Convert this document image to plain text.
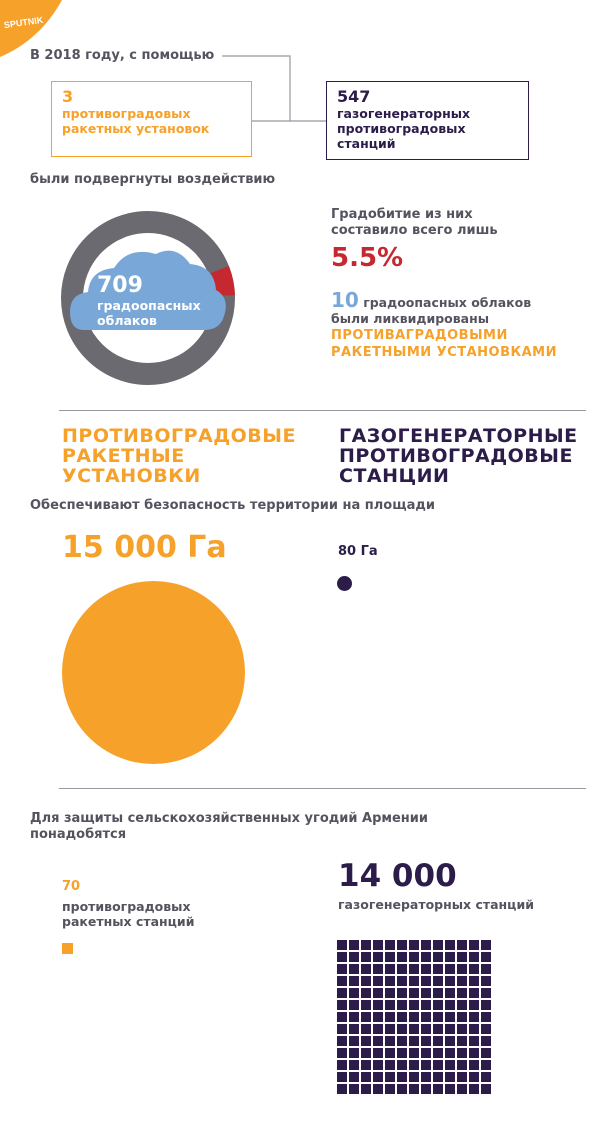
SPUTNIK
В 2018 году, с помощью
3
противоградовых ракетных установок
547
газогенераторных противоградовых станций
были подвергнуты воздействию
709
градоопасных облаков
Градобитие из них составило всего лишь
5.5%
10 градоопасных облаков были ликвидированы
ПРОТИВАГРАДОВЫМИ РАКЕТНЫМИ УСТАНОВКАМИ
ПРОТИВОГРАДОВЫЕ РАКЕТНЫЕ УСТАНОВКИ
ГАЗОГЕНЕРАТОРНЫЕ ПРОТИВОГРАДОВЫЕ СТАНЦИИ
Обеспечивают безопасность территории на площади
15 000 Га	80 Га
Для защиты сельскохозяйственных угодий Армении понадобятся
70
противоградовых ракетных станций
14 000
газогенераторных станций
